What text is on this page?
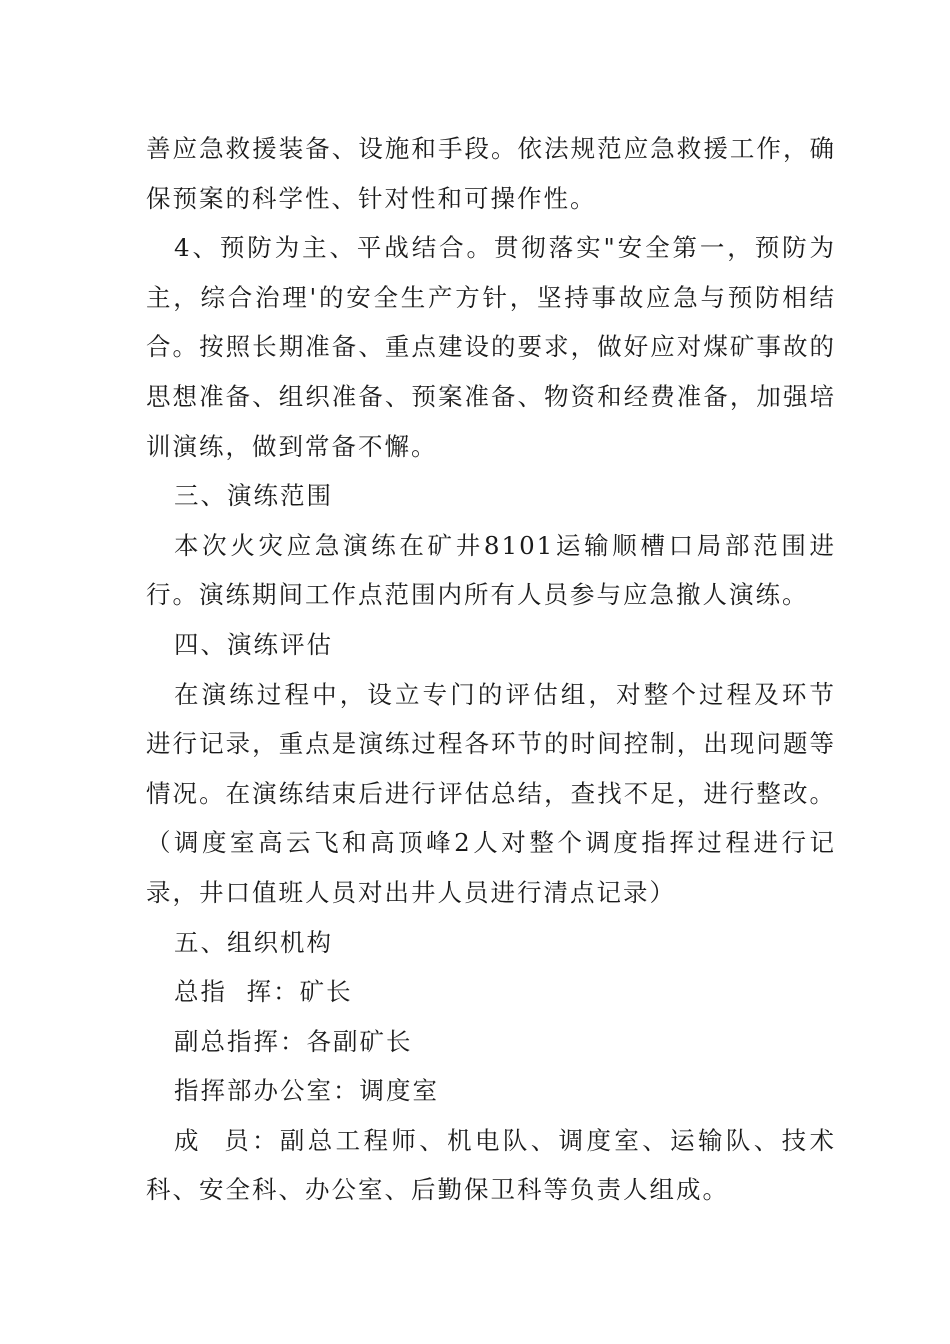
善应急救援装备、设施和手段。依法规范应急救援工作，确保预案的科学性、针对性和可操作性。

4、预防为主、平战结合。贯彻落实"安全第一，预防为主，综合治理'的安全生产方针，坚持事故应急与预防相结合。按照长期准备、重点建设的要求，做好应对煤矿事故的思想准备、组织准备、预案准备、物资和经费准备，加强培训演练，做到常备不懈。

三、演练范围

本次火灾应急演练在矿井8101运输顺槽口局部范围进行。演练期间工作点范围内所有人员参与应急撤人演练。

四、演练评估

在演练过程中，设立专门的评估组，对整个过程及环节进行记录，重点是演练过程各环节的时间控制，出现问题等情况。在演练结束后进行评估总结，查找不足，进行整改。（调度室高云飞和高顶峰2人对整个调度指挥过程进行记录，井口值班人员对出井人员进行清点记录）

五、组织机构

总指  挥：矿长

副总指挥：各副矿长

指挥部办公室：调度室

成  员：副总工程师、机电队、调度室、运输队、技术科、安全科、办公室、后勤保卫科等负责人组成。
